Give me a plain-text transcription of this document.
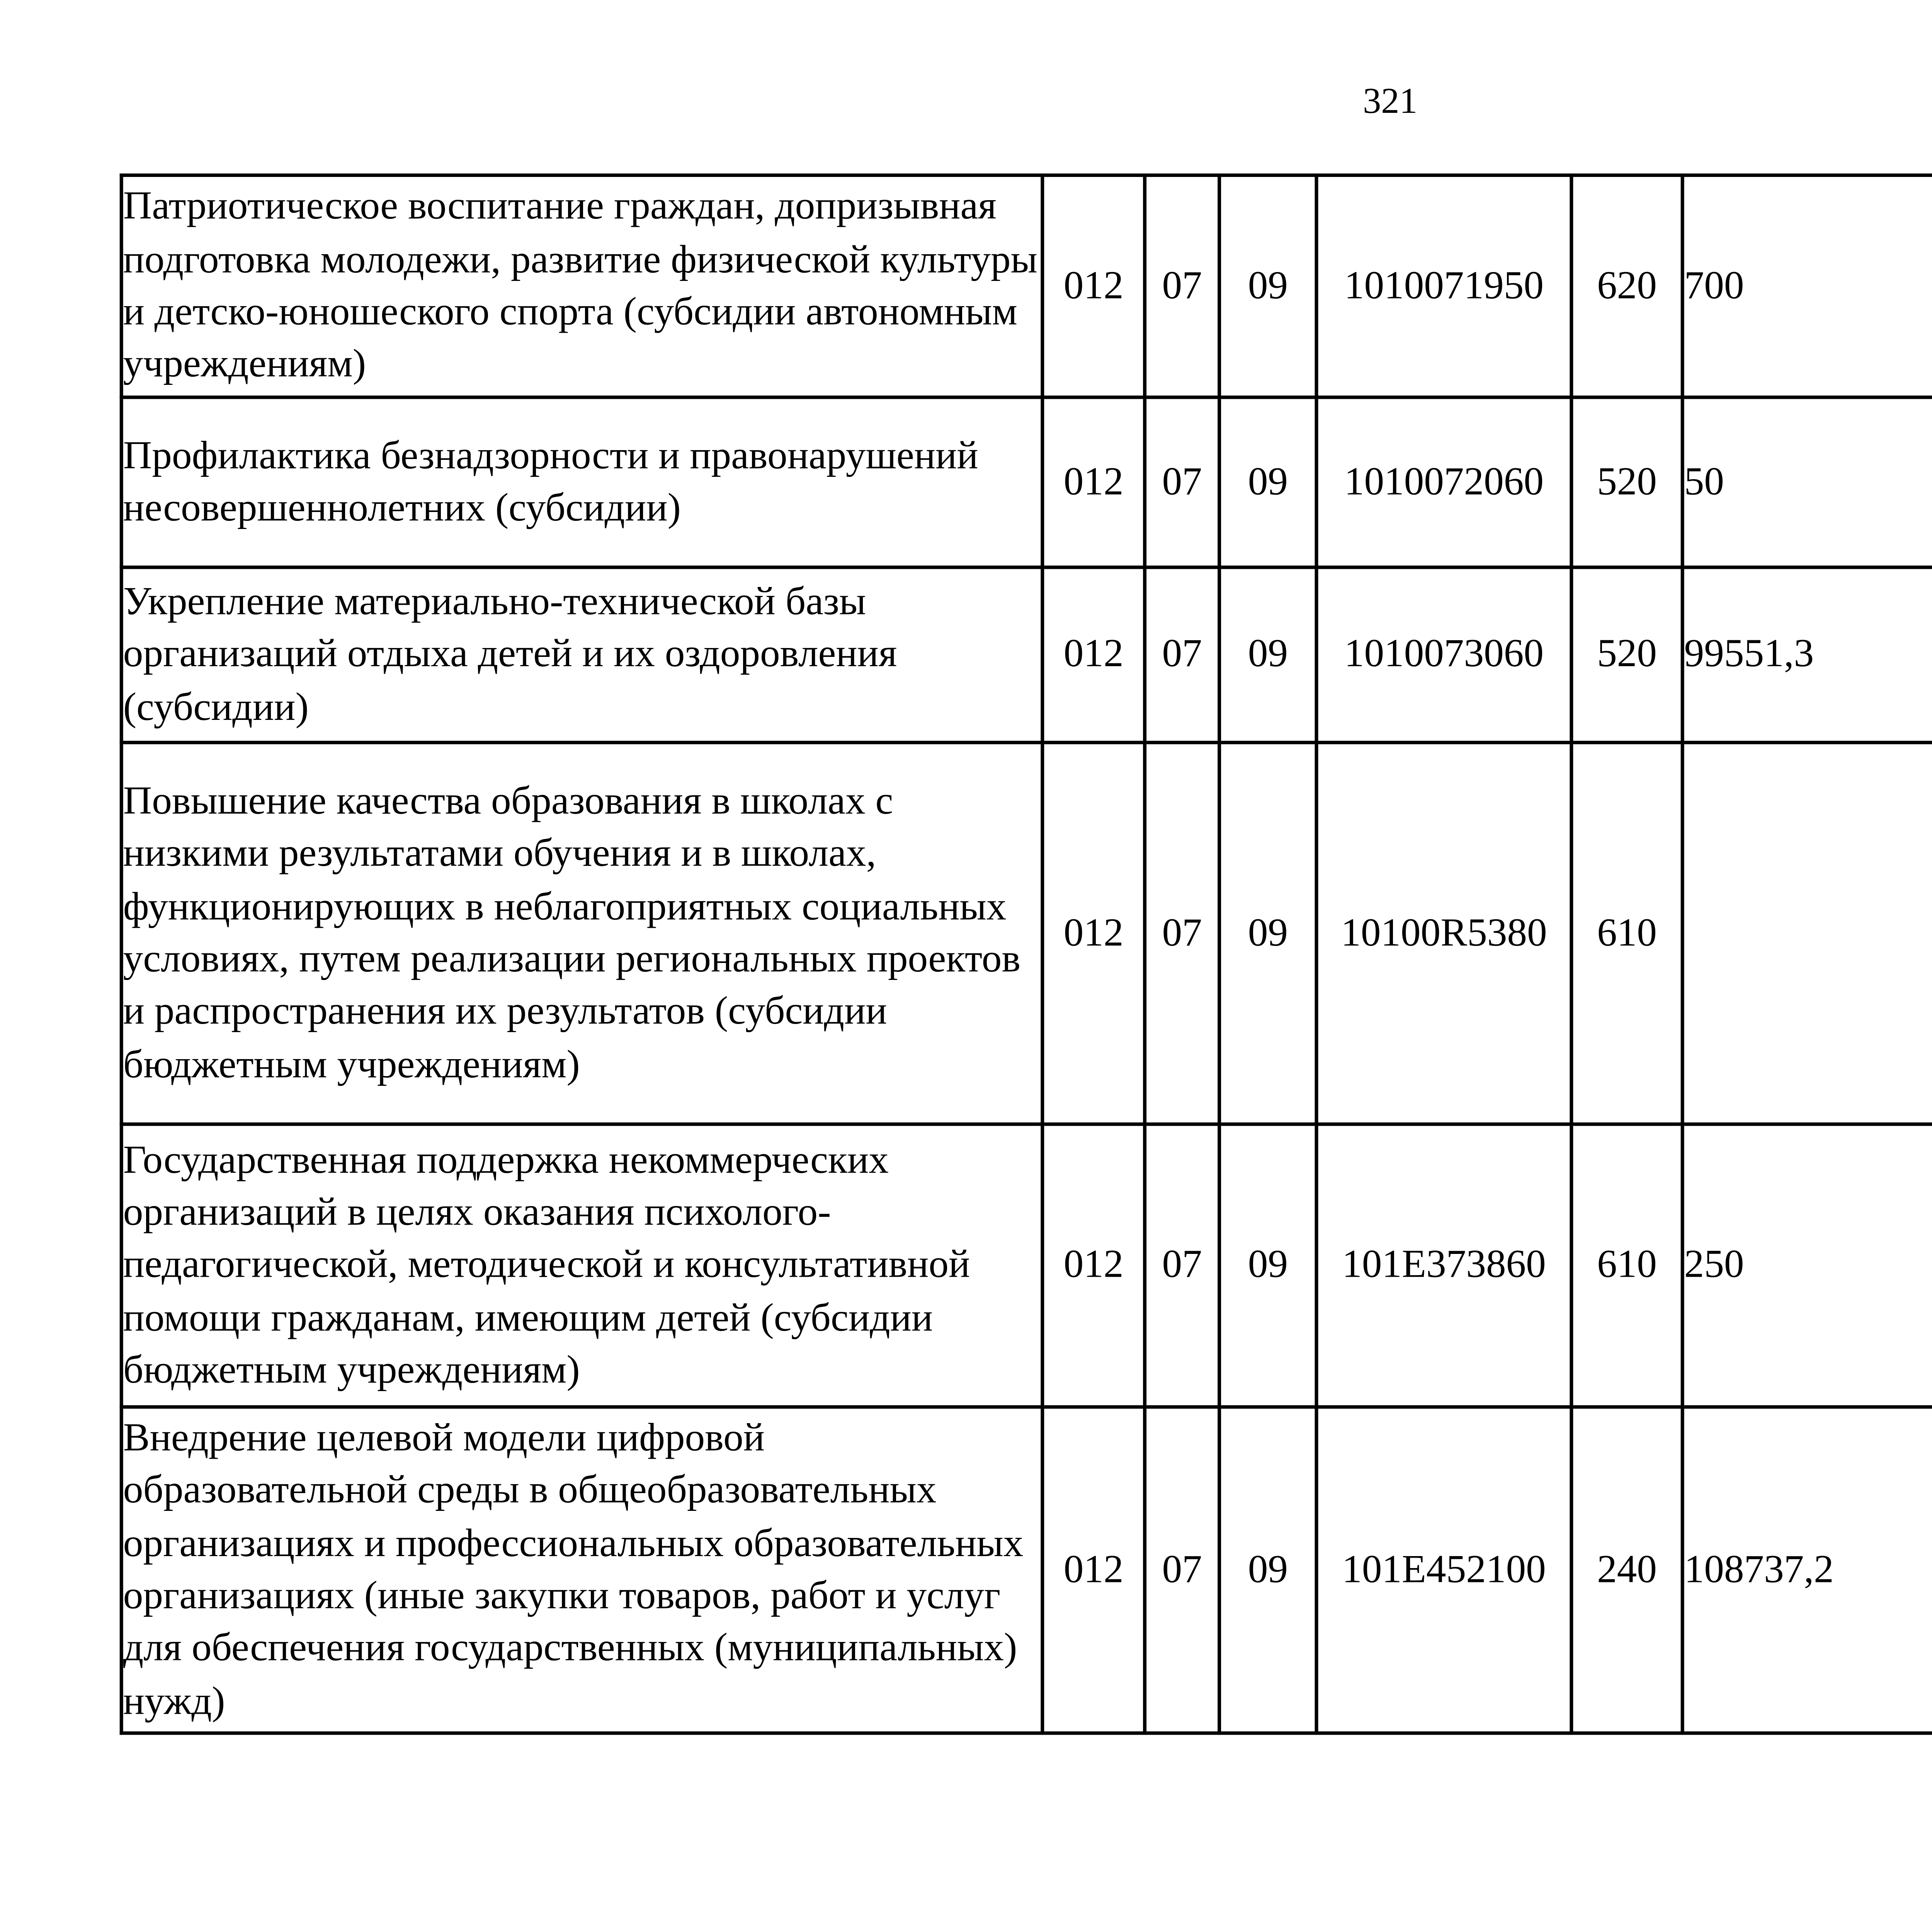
321
Патриотическое воспитание граждан, допризывная подготовка молодежи, развитие физической культуры и детско-юношеского спорта (субсидии автономным учреждениям)	012	07	09	1010071950	620	700		
Профилактика безнадзорности и правонарушений несовершеннолетних (субсидии)	012	07	09	1010072060	520	50		
Укрепление материально-технической базы организаций отдыха детей и их оздоровления (субсидии)	012	07	09	1010073060	520	99551,3		
Повышение качества образования в школах с низкими результатами обучения и в школах, функционирующих в неблагоприятных социальных условиях, путем реализации региональных проектов и распространения их результатов (субсидии бюджетным учреждениям)	012	07	09	10100R5380	610			
Государственная поддержка некоммерческих организаций в целях оказания психолого-педагогической, методической и консультативной помощи гражданам, имеющим детей (субсидии бюджетным учреждениям)	012	07	09	101E373860	610	250		
Внедрение целевой модели цифровой образовательной среды в общеобразовательных организациях и профессиональных образовательных организациях (иные закупки товаров, работ и услуг для обеспечения государственных (муниципальных) нужд)	012	07	09	101E452100	240	108737,2		
